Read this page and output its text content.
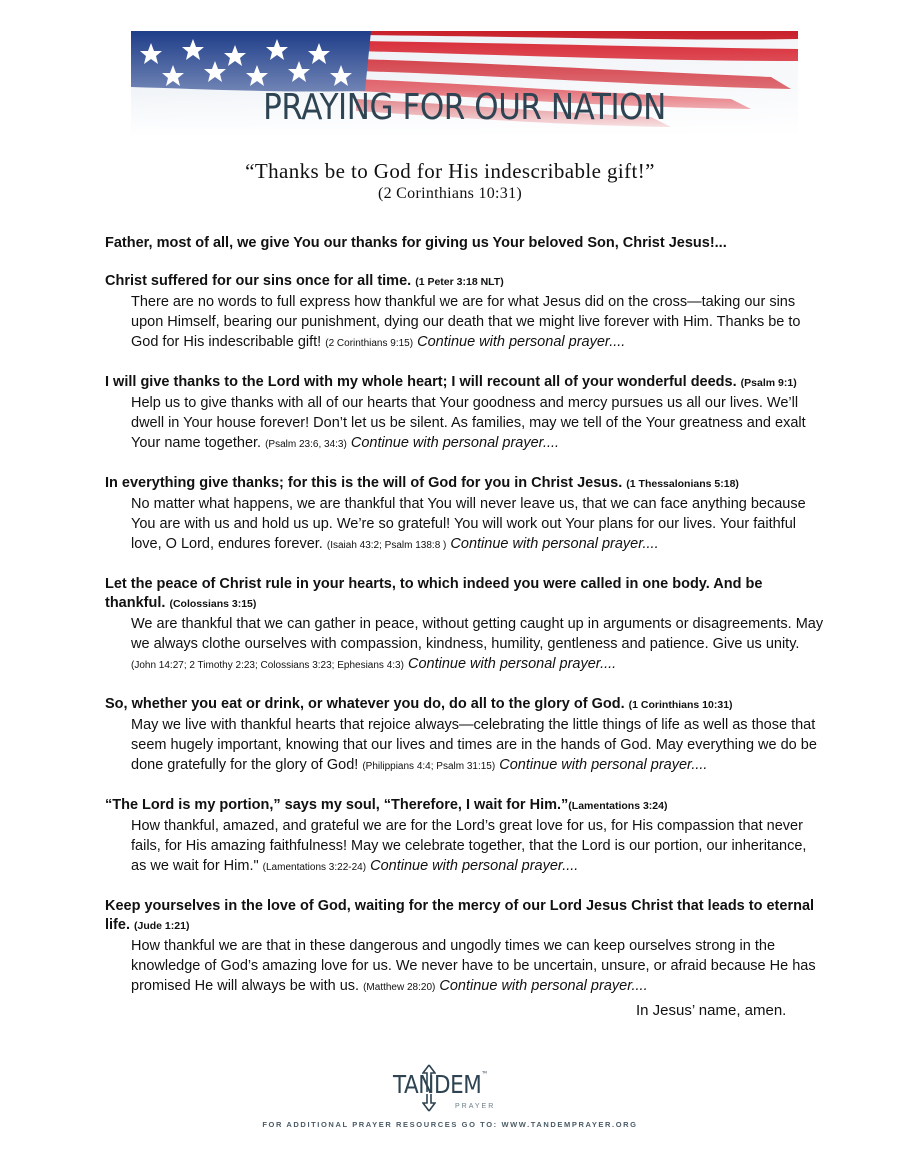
PRAYING FOR OUR NATION
“Thanks be to God for His indescribable gift!”
(2 Corinthians 10:31)
Father, most of all, we give You our thanks for giving us Your beloved Son, Christ Jesus!...
Christ suffered for our sins once for all time. (1 Peter 3:18 NLT)
There are no words to full express how thankful we are for what Jesus did on the cross—taking our sins upon Himself, bearing our punishment, dying our death that we might live forever with Him. Thanks be to God for His indescribable gift! (2 Corinthians 9:15) Continue with personal prayer....
I will give thanks to the Lord with my whole heart; I will recount all of your wonderful deeds. (Psalm 9:1)
Help us to give thanks with all of our hearts that Your goodness and mercy pursues us all our lives. We’ll dwell in Your house forever! Don’t let us be silent. As families, may we tell of the Your greatness and exalt Your name together. (Psalm 23:6, 34:3) Continue with personal prayer....
In everything give thanks; for this is the will of God for you in Christ Jesus. (1 Thessalonians 5:18)
No matter what happens, we are thankful that You will never leave us, that we can face anything because You are with us and hold us up. We’re so grateful! You will work out Your plans for our lives. Your faithful love, O Lord, endures forever. (Isaiah 43:2; Psalm 138:8 ) Continue with personal prayer....
Let the peace of Christ rule in your hearts, to which indeed you were called in one body. And be thankful. (Colossians 3:15)
We are thankful that we can gather in peace, without getting caught up in arguments or disagreements. May we always clothe ourselves with compassion, kindness, humility, gentleness and patience. Give us unity. (John 14:27; 2 Timothy 2:23; Colossians 3:23; Ephesians 4:3) Continue with personal prayer....
So, whether you eat or drink, or whatever you do, do all to the glory of God. (1 Corinthians 10:31)
May we live with thankful hearts that rejoice always—celebrating the little things of life as well as those that seem hugely important, knowing that our lives and times are in the hands of God. May everything we do be done gratefully for the glory of God! (Philippians 4:4; Psalm 31:15) Continue with personal prayer....
“The Lord is my portion,” says my soul, “Therefore, I wait for Him.”(Lamentations 3:24)
How thankful, amazed, and grateful we are for the Lord’s great love for us, for His compassion that never fails, for His amazing faithfulness! May we celebrate together, that the Lord is our portion, our inheritance, as we wait for Him." (Lamentations 3:22-24) Continue with personal prayer....
Keep yourselves in the love of God, waiting for the mercy of our Lord Jesus Christ that leads to eternal life. (Jude 1:21)
How thankful we are that in these dangerous and ungodly times we can keep ourselves strong in the knowledge of God’s amazing love for us. We never have to be uncertain, unsure, or afraid because He has promised He will always be with us. (Matthew 28:20) Continue with personal prayer....
In Jesus’ name, amen.
TANDEM™
PRAYER
FOR ADDITIONAL PRAYER RESOURCES GO TO: WWW.TANDEMPRAYER.ORG
